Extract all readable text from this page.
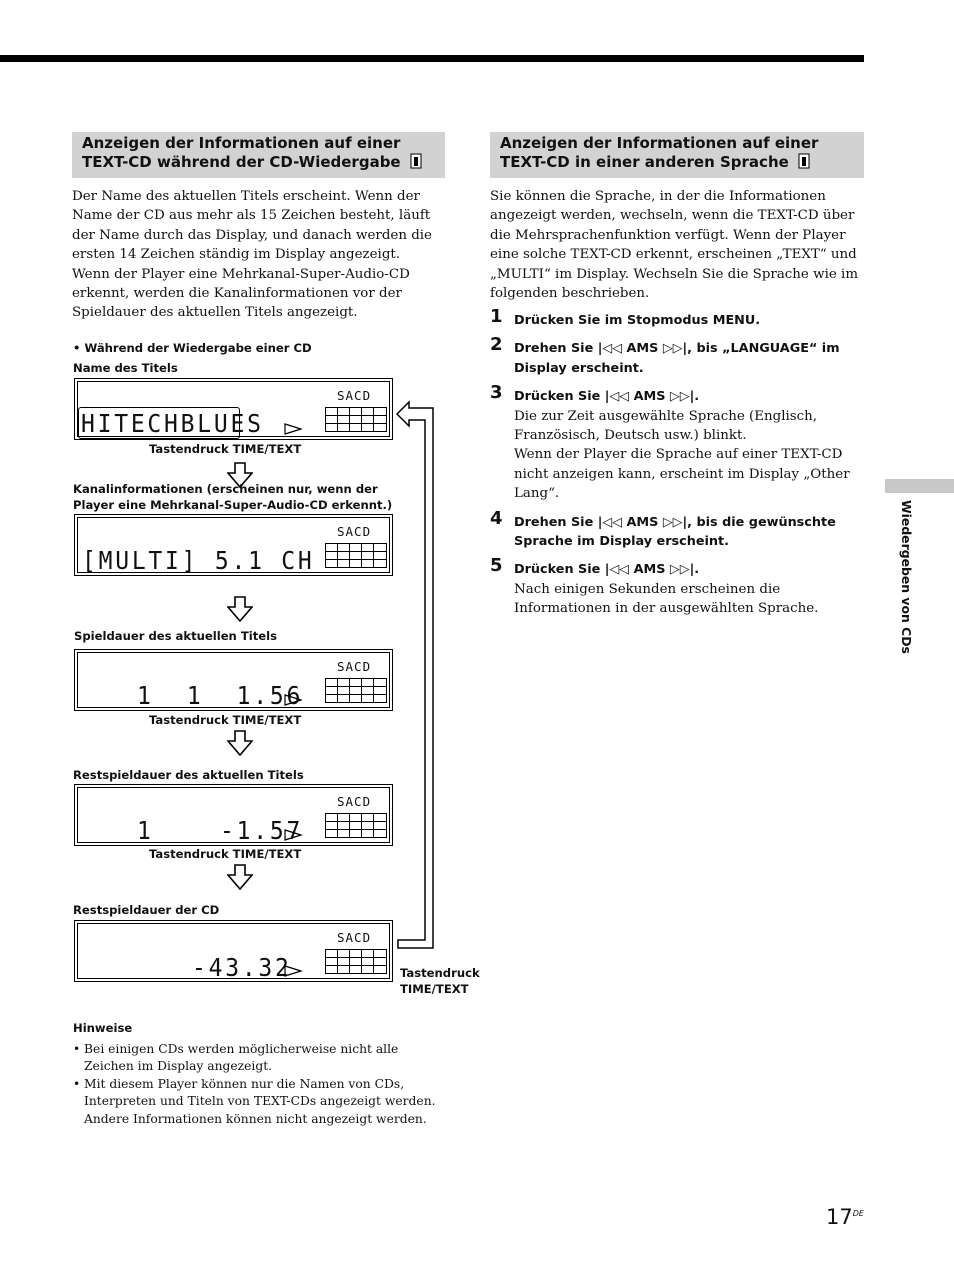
Anzeigen der Informationen auf einer
TEXT-CD während der CD-Wiedergabe

Der Name des aktuellen Titels erscheint. Wenn der Name der CD aus mehr als 15 Zeichen besteht, läuft der Name durch das Display, und danach werden die ersten 14 Zeichen ständig im Display angezeigt.

Wenn der Player eine Mehrkanal-Super-Audio-CD erkennt, werden die Kanalinformationen vor der Spieldauer des aktuellen Titels angezeigt.

• Während der Wiedergabe einer CD
Name des Titels
SACD
HITECHBLUES
Tastendruck TIME/TEXT
Kanalinformationen (erscheinen nur, wenn der
Player eine Mehrkanal-Super-Audio-CD erkennt.)
SACD
[MULTI] 5.1 CH
Spieldauer des aktuellen Titels
SACD
1  1  1.56
Tastendruck TIME/TEXT
Restspieldauer des aktuellen Titels
SACD
1    -1.57
Tastendruck TIME/TEXT
Restspieldauer der CD
SACD
-43.32	Tastendruck
TIME/TEXT
Hinweise
• Bei einigen CDs werden möglicherweise nicht alle Zeichen im Display angezeigt.
• Mit diesem Player können nur die Namen von CDs, Interpreten und Titeln von TEXT-CDs angezeigt werden. Andere Informationen können nicht angezeigt werden.
Anzeigen der Informationen auf einer
TEXT-CD in einer anderen Sprache
Sie können die Sprache, in der die Informationen angezeigt werden, wechseln, wenn die TEXT-CD über die Mehrsprachenfunktion verfügt. Wenn der Player eine solche TEXT-CD erkennt, erscheinen „TEXT“ und „MULTI“ im Display. Wechseln Sie die Sprache wie im folgenden beschrieben.
1 Drücken Sie im Stopmodus MENU.
2 Drehen Sie |◁◁ AMS ▷▷|, bis „LANGUAGE“ im Display erscheint.
3 Drücken Sie |◁◁ AMS ▷▷|.
Die zur Zeit ausgewählte Sprache (Englisch, Französisch, Deutsch usw.) blinkt.
Wenn der Player die Sprache auf einer TEXT-CD nicht anzeigen kann, erscheint im Display „Other Lang“.
4 Drehen Sie |◁◁ AMS ▷▷|, bis die gewünschte Sprache im Display erscheint.
5 Drücken Sie |◁◁ AMS ▷▷|.
Nach einigen Sekunden erscheinen die Informationen in der ausgewählten Sprache.	Wiedergeben von CDs
17DE
